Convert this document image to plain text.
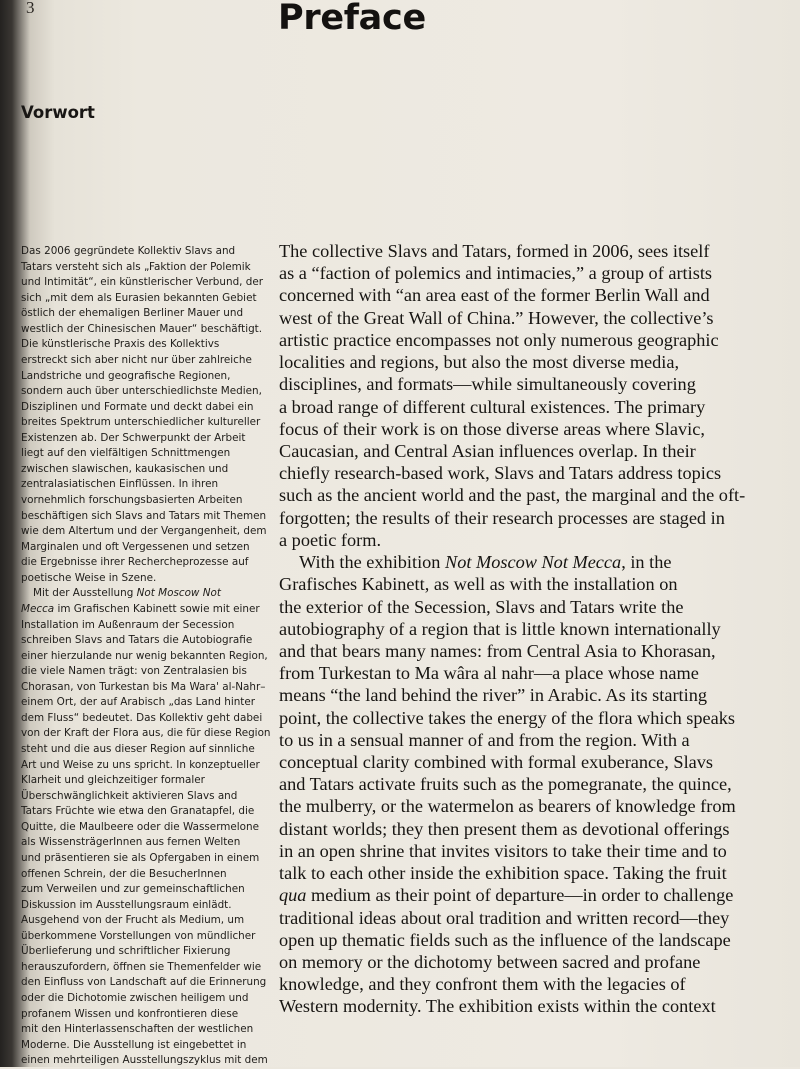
3	Preface
Vorwort
Das 2006 gegründete Kollektiv Slavs and
Tatars versteht sich als „Faktion der Polemik
und Intimität“, ein künstlerischer Verbund, der
sich „mit dem als Eurasien bekannten Gebiet
östlich der ehemaligen Berliner Mauer und
westlich der Chinesischen Mauer“ beschäftigt.
Die künstlerische Praxis des Kollektivs
erstreckt sich aber nicht nur über zahlreiche
Landstriche und geografische Regionen,
sondern auch über unterschiedlichste Medien,
Disziplinen und Formate und deckt dabei ein
breites Spektrum unterschiedlicher kultureller
Existenzen ab. Der Schwerpunkt der Arbeit
liegt auf den vielfältigen Schnittmengen
zwischen slawischen, kaukasischen und
zentralasiatischen Einflüssen. In ihren
vornehmlich forschungsbasierten Arbeiten
beschäftigen sich Slavs and Tatars mit Themen
wie dem Altertum und der Vergangenheit, dem
Marginalen und oft Vergessenen und setzen
die Ergebnisse ihrer Rechercheprozesse auf
poetische Weise in Szene.
Mit der Ausstellung Not Moscow Not
Mecca im Grafischen Kabinett sowie mit einer
Installation im Außenraum der Secession
schreiben Slavs and Tatars die Autobiografie
einer hierzulande nur wenig bekannten Region,
die viele Namen trägt: von Zentralasien bis
Chorasan, von Turkestan bis Ma Wara' al-Nahr–
einem Ort, der auf Arabisch „das Land hinter
dem Fluss“ bedeutet. Das Kollektiv geht dabei
von der Kraft der Flora aus, die für diese Region
steht und die aus dieser Region auf sinnliche
Art und Weise zu uns spricht. In konzeptueller
Klarheit und gleichzeitiger formaler
Überschwänglichkeit aktivieren Slavs and
Tatars Früchte wie etwa den Granatapfel, die
Quitte, die Maulbeere oder die Wassermelone
als WissensträgerInnen aus fernen Welten
und präsentieren sie als Opfergaben in einem
offenen Schrein, der die BesucherInnen
zum Verweilen und zur gemeinschaftlichen
Diskussion im Ausstellungsraum einlädt.
Ausgehend von der Frucht als Medium, um
überkommene Vorstellungen von mündlicher
Überlieferung und schriftlicher Fixierung
herauszufordern, öffnen sie Themenfelder wie
den Einfluss von Landschaft auf die Erinnerung
oder die Dichotomie zwischen heiligem und
profanem Wissen und konfrontieren diese
mit den Hinterlassenschaften der westlichen
Moderne. Die Ausstellung ist eingebettet in
einen mehrteiligen Ausstellungszyklus mit dem
The collective Slavs and Tatars, formed in 2006, sees itself
as a “faction of polemics and intimacies,” a group of artists
concerned with “an area east of the former Berlin Wall and
west of the Great Wall of China.” However, the collective’s
artistic practice encompasses not only numerous geographic
localities and regions, but also the most diverse media,
disciplines, and formats—while simultaneously covering
a broad range of different cultural existences. The primary
focus of their work is on those diverse areas where Slavic,
Caucasian, and Central Asian influences overlap. In their
chiefly research-based work, Slavs and Tatars address topics
such as the ancient world and the past, the marginal and the oft-
forgotten; the results of their research processes are staged in
a poetic form.
With the exhibition Not Moscow Not Mecca, in the
Grafisches Kabinett, as well as with the installation on
the exterior of the Secession, Slavs and Tatars write the
autobiography of a region that is little known internationally
and that bears many names: from Central Asia to Khorasan,
from Turkestan to Ma wâra al nahr—a place whose name
means “the land behind the river” in Arabic. As its starting
point, the collective takes the energy of the flora which speaks
to us in a sensual manner of and from the region. With a
conceptual clarity combined with formal exuberance, Slavs
and Tatars activate fruits such as the pomegranate, the quince,
the mulberry, or the watermelon as bearers of knowledge from
distant worlds; they then present them as devotional offerings
in an open shrine that invites visitors to take their time and to
talk to each other inside the exhibition space. Taking the fruit
qua medium as their point of departure—in order to challenge
traditional ideas about oral tradition and written record—they
open up thematic fields such as the influence of the landscape
on memory or the dichotomy between sacred and profane
knowledge, and they confront them with the legacies of
Western modernity. The exhibition exists within the context
